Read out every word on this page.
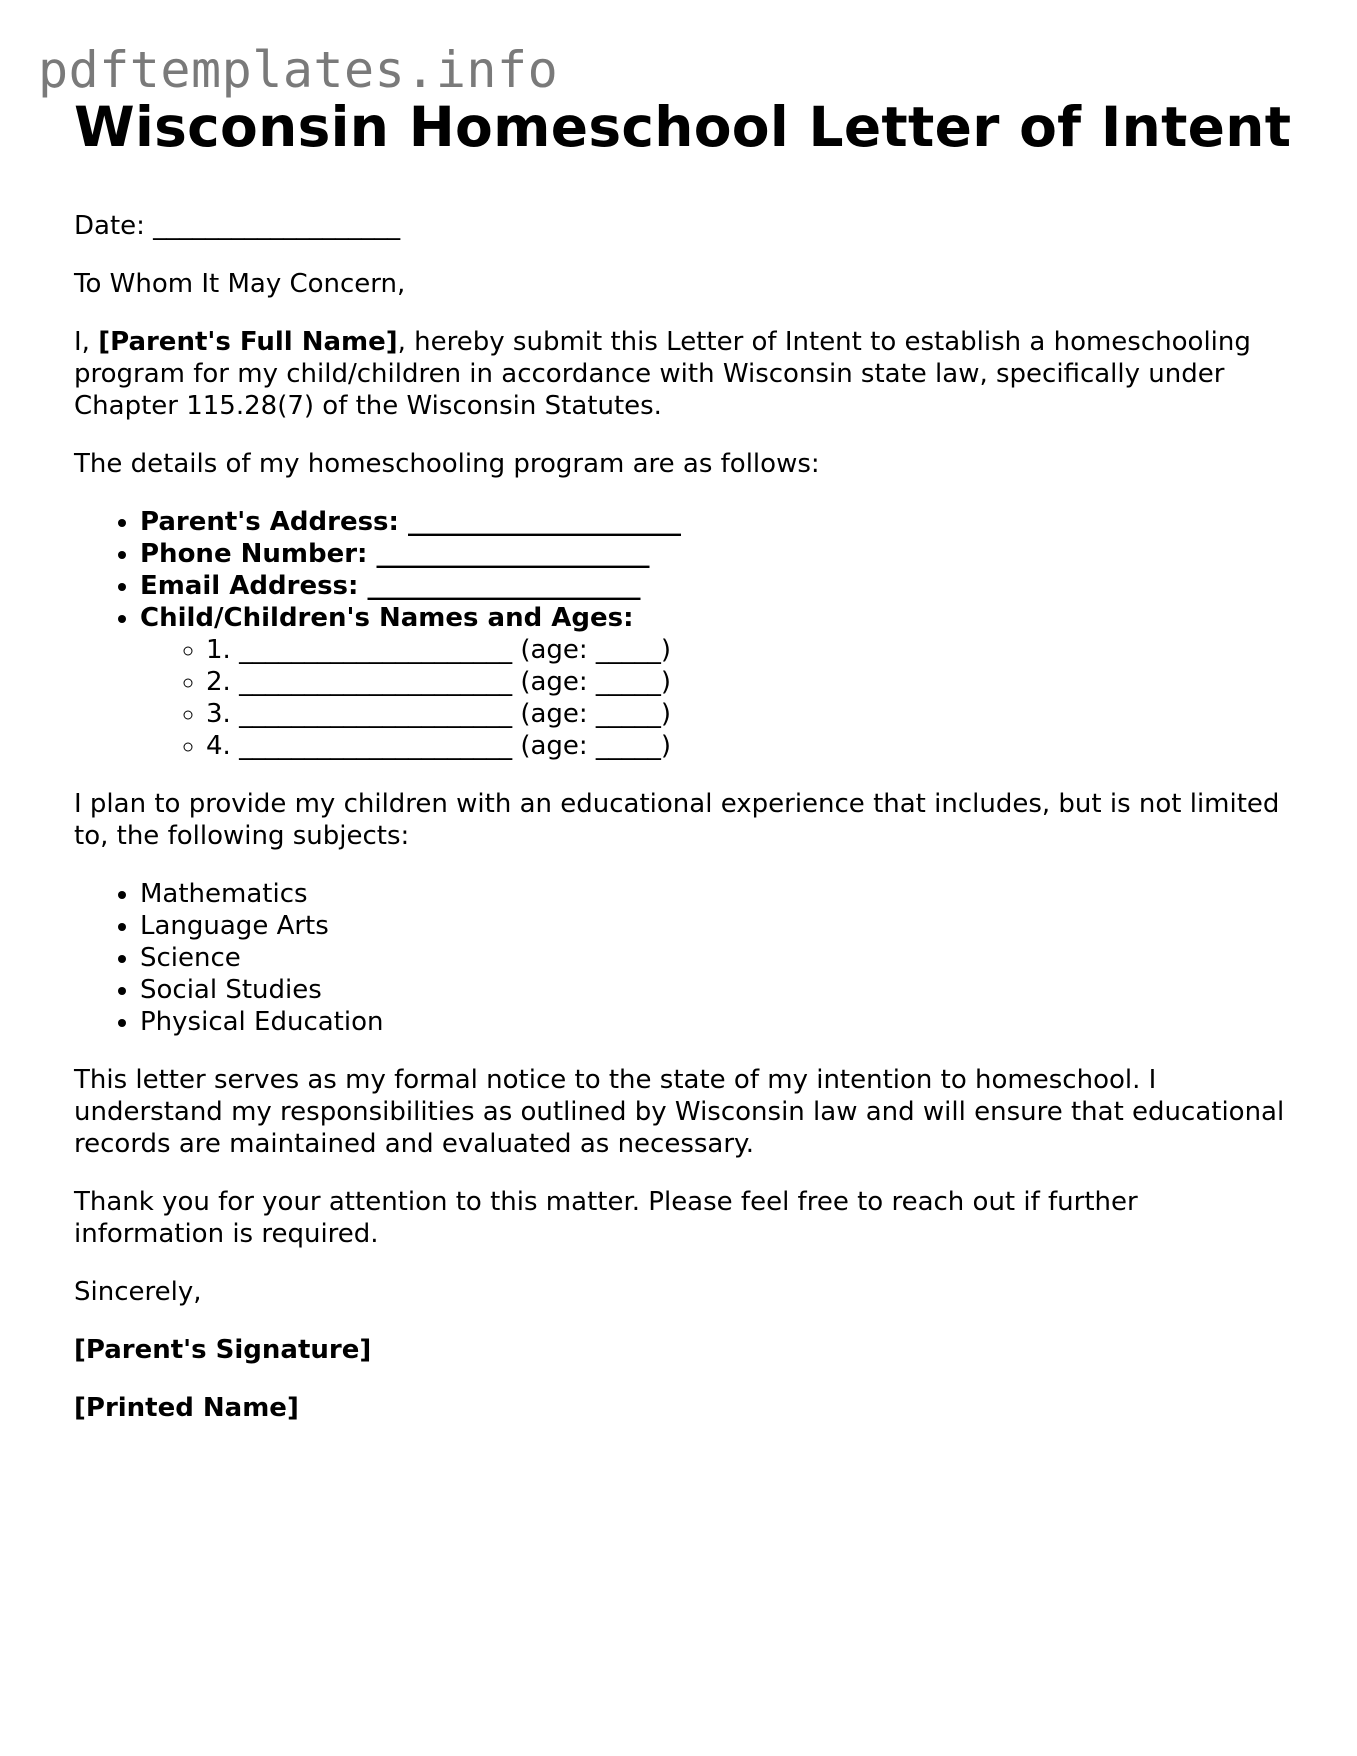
pdftemplates.info
Wisconsin Homeschool Letter of Intent

Date: ___________________

To Whom It May Concern,

I, [Parent's Full Name], hereby submit this Letter of Intent to establish a homeschooling program for my child/children in accordance with Wisconsin state law, specifically under Chapter 115.28(7) of the Wisconsin Statutes.

The details of my homeschooling program are as follows:

• Parent's Address: _____________________
• Phone Number: _____________________
• Email Address: _____________________
• Child/Children's Names and Ages:
◦ 1. _____________________ (age: _____)
◦ 2. _____________________ (age: _____)
◦ 3. _____________________ (age: _____)
◦ 4. _____________________ (age: _____)

I plan to provide my children with an educational experience that includes, but is not limited to, the following subjects:

• Mathematics
• Language Arts
• Science
• Social Studies
• Physical Education

This letter serves as my formal notice to the state of my intention to homeschool. I understand my responsibilities as outlined by Wisconsin law and will ensure that educational records are maintained and evaluated as necessary.

Thank you for your attention to this matter. Please feel free to reach out if further information is required.

Sincerely,

[Parent's Signature]

[Printed Name]
